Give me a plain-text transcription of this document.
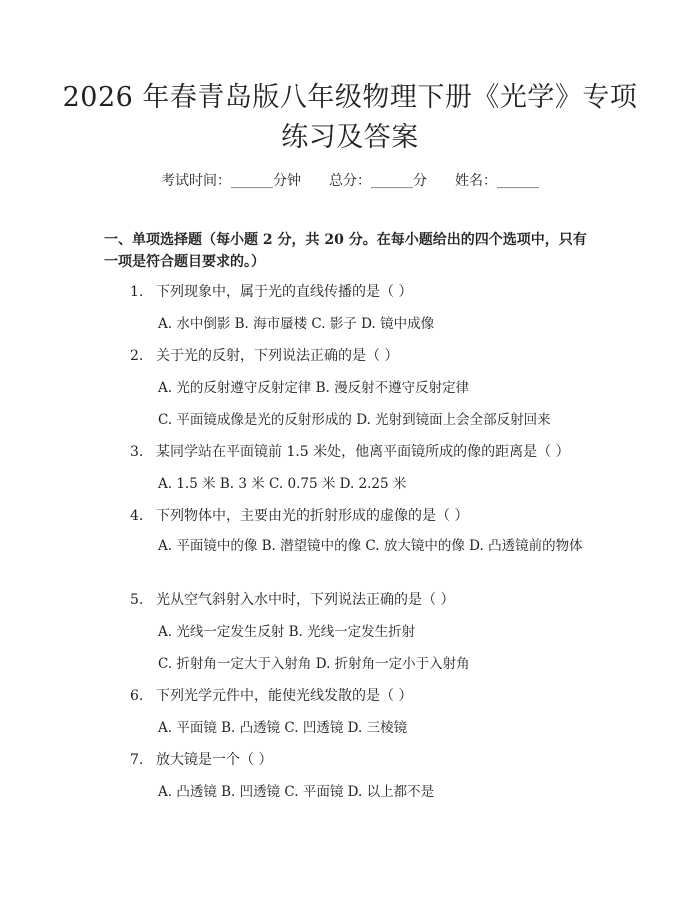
2026 年春青岛版八年级物理下册《光学》专项练习及答案
考试时间：______分钟 总分：______分 姓名：______
一、单项选择题（每小题 2 分，共 20 分。在每小题给出的四个选项中，只有一项是符合题目要求的。）
1. 下列现象中，属于光的直线传播的是（ ）
A. 水中倒影 B. 海市蜃楼 C. 影子 D. 镜中成像
2. 关于光的反射，下列说法正确的是（ ）
A. 光的反射遵守反射定律 B. 漫反射不遵守反射定律
C. 平面镜成像是光的反射形成的 D. 光射到镜面上会全部反射回来
3. 某同学站在平面镜前 1.5 米处，他离平面镜所成的像的距离是（ ）
A. 1.5 米 B. 3 米 C. 0.75 米 D. 2.25 米
4. 下列物体中，主要由光的折射形成的虚像的是（ ）
A. 平面镜中的像 B. 潜望镜中的像 C. 放大镜中的像 D. 凸透镜前的物体
5. 光从空气斜射入水中时，下列说法正确的是（ ）
A. 光线一定发生反射 B. 光线一定发生折射
C. 折射角一定大于入射角 D. 折射角一定小于入射角
6. 下列光学元件中，能使光线发散的是（ ）
A. 平面镜 B. 凸透镜 C. 凹透镜 D. 三棱镜
7. 放大镜是一个（ ）
A. 凸透镜 B. 凹透镜 C. 平面镜 D. 以上都不是
